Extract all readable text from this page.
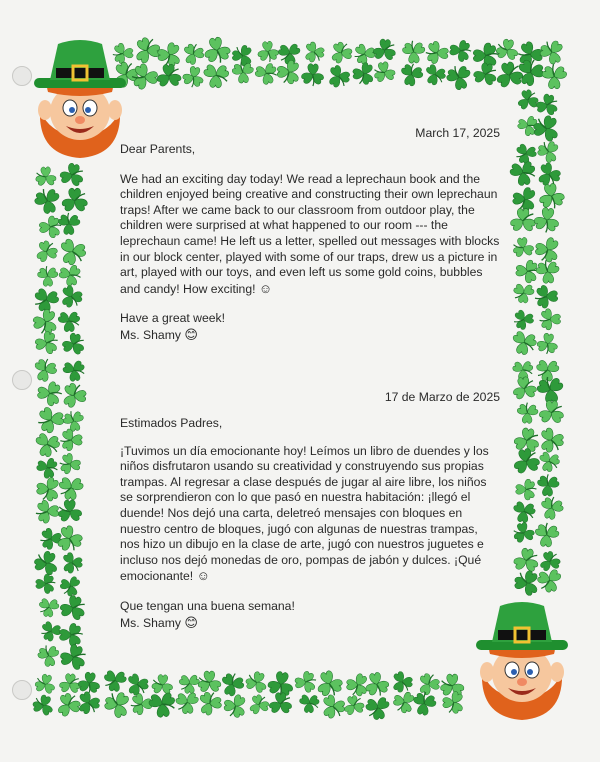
March 17, 2025

Dear Parents,

We had an exciting day today! We read a leprechaun book and the children enjoyed being creative and constructing their own leprechaun traps! After we came back to our classroom from outdoor play, the children were surprised at what happened to our room --- the leprechaun came! He left us a letter, spelled out messages with blocks in our block center, played with some of our traps, drew us a picture in art, played with our toys, and even left us some gold coins, bubbles and candy! How exciting! ☺

Have a great week!

Ms. Shamy 😊

17 de Marzo de 2025

Estimados Padres,

¡Tuvimos un día emocionante hoy! Leímos un libro de duendes y los niños disfrutaron usando su creatividad y construyendo sus propias trampas. Al regresar a clase después de jugar al aire libre, los niños se sorprendieron con lo que pasó en nuestra habitación: ¡llegó el duende! Nos dejó una carta, deletreó mensajes con bloques en nuestro centro de bloques, jugó con algunas de nuestras trampas, nos hizo un dibujo en la clase de arte, jugó con nuestros juguetes e incluso nos dejó monedas de oro, pompas de jabón y dulces. ¡Qué emocionante! ☺

Que tengan una buena semana!

Ms. Shamy 😊
